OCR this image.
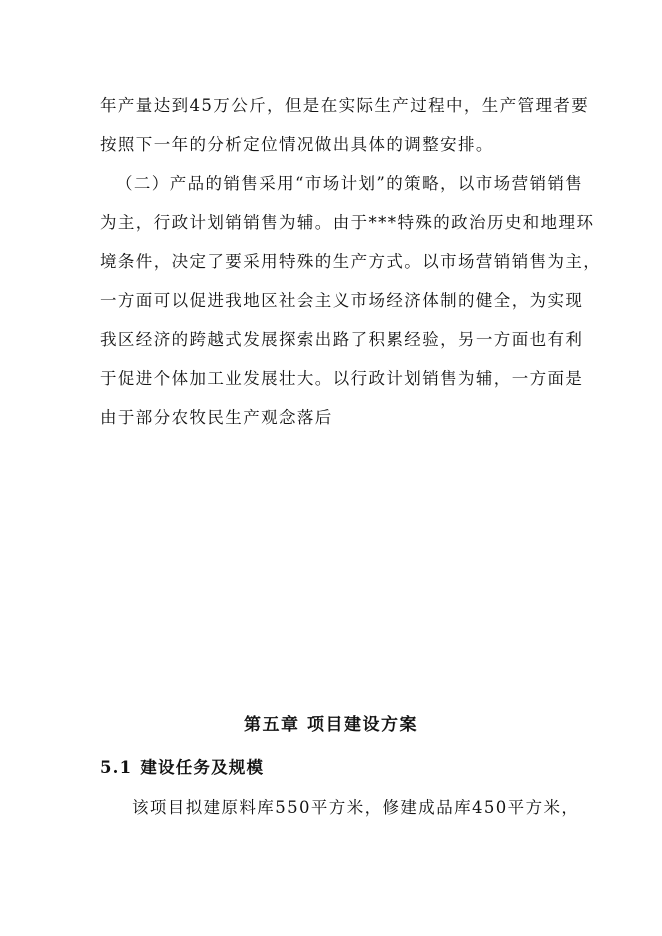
年产量达到45万公斤，但是在实际生产过程中，生产管理者要
按照下一年的分析定位情况做出具体的调整安排。
（二）产品的销售采用“市场计划”的策略，以市场营销销售
为主，行政计划销销售为辅。由于***特殊的政治历史和地理环
境条件，决定了要采用特殊的生产方式。以市场营销销售为主，
一方面可以促进我地区社会主义市场经济体制的健全，为实现
我区经济的跨越式发展探索出路了积累经验，另一方面也有利
于促进个体加工业发展壮大。以行政计划销售为辅，一方面是
由于部分农牧民生产观念落后
第五章 项目建设方案
5.1 建设任务及规模
该项目拟建原料库550平方米，修建成品库450平方米，
